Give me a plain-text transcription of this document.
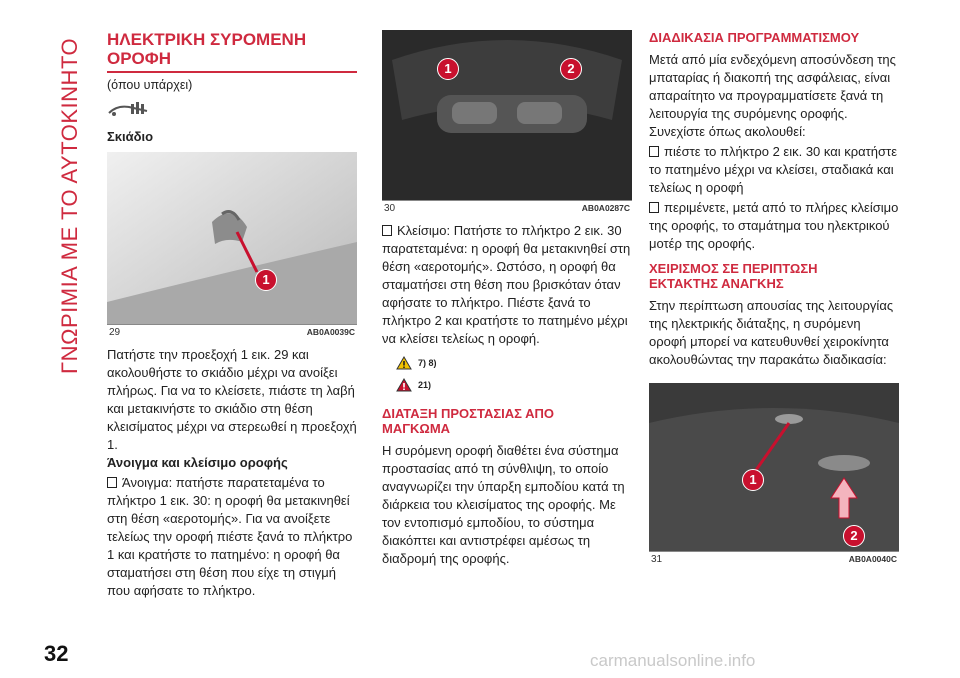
ΓΝΩΡΙΜΙΑ ΜΕ ΤΟ ΑΥΤΟΚΙΝΗΤΟ
32	carmanualsonline.info
ΗΛΕΚΤΡΙΚΗ ΣΥΡΟΜΕΝΗ
ΟΡΟΦΗ

(όπου υπάρχει)

Σκιάδιο

1
29	AB0A0039C

Πατήστε την προεξοχή 1 εικ. 29 και ακολουθήστε το σκιάδιο μέχρι να ανοίξει πλήρως. Για να το κλείσετε, πιάστε τη λαβή και μετακινήστε το σκιάδιο στη θέση κλεισίματος μέχρι να στερεωθεί η προεξοχή 1.

Άνοιγμα και κλείσιμο οροφής

Άνοιγμα: πατήστε παρατεταμένα το πλήκτρο 1 εικ. 30: η οροφή θα μετακινηθεί στη θέση «αεροτομής». Για να ανοίξετε τελείως την οροφή πιέστε ξανά το πλήκτρο 1 και κρατήστε το πατημένο: η οροφή θα σταματήσει στη θέση που είχε τη στιγμή που αφήσατε το πλήκτρο.

1	2
30	AB0A0287C

Κλείσιμο: Πατήστε το πλήκτρο 2 εικ. 30 παρατεταμένα: η οροφή θα μετακινηθεί στη θέση «αεροτομής». Ωστόσο, η οροφή θα σταματήσει στη θέση που βρισκόταν όταν αφήσατε το πλήκτρο. Πιέστε ξανά το πλήκτρο 2 και κρατήστε το πατημένο μέχρι να κλείσει τελείως η οροφή.

7) 8)
21)
ΔΙΑΤΑΞΗ ΠΡΟΣΤΑΣΙΑΣ ΑΠΟ
ΜΑΓΚΩΜΑ

Η συρόμενη οροφή διαθέτει ένα σύστημα προστασίας από τη σύνθλιψη, το οποίο αναγνωρίζει την ύπαρξη εμποδίου κατά τη διάρκεια του κλεισίματος της οροφής. Με τον εντοπισμό εμποδίου, το σύστημα διακόπτει και αντιστρέφει αμέσως τη διαδρομή της οροφής.

ΔΙΑΔΙΚΑΣΙΑ ΠΡΟΓΡΑΜΜΑΤΙΣΜΟΥ

Μετά από μία ενδεχόμενη αποσύνδεση της μπαταρίας ή διακοπή της ασφάλειας, είναι απαραίτητο να προγραμματίσετε ξανά τη λειτουργία της συρόμενης οροφής. Συνεχίστε όπως ακολουθεί:

πιέστε το πλήκτρο 2 εικ. 30 και κρατήστε το πατημένο μέχρι να κλείσει, σταδιακά και τελείως η οροφή

περιμένετε, μετά από το πλήρες κλείσιμο της οροφής, το σταμάτημα του ηλεκτρικού μοτέρ της οροφής.

ΧΕΙΡΙΣΜΟΣ ΣΕ ΠΕΡΙΠΤΩΣΗ
ΕΚΤΑΚΤΗΣ ΑΝΑΓΚΗΣ

Στην περίπτωση απουσίας της λειτουργίας της ηλεκτρικής διάταξης, η συρόμενη οροφή μπορεί να κατευθυνθεί χειροκίνητα ακολουθώντας την παρακάτω διαδικασία:

1
2
31	AB0A0040C
